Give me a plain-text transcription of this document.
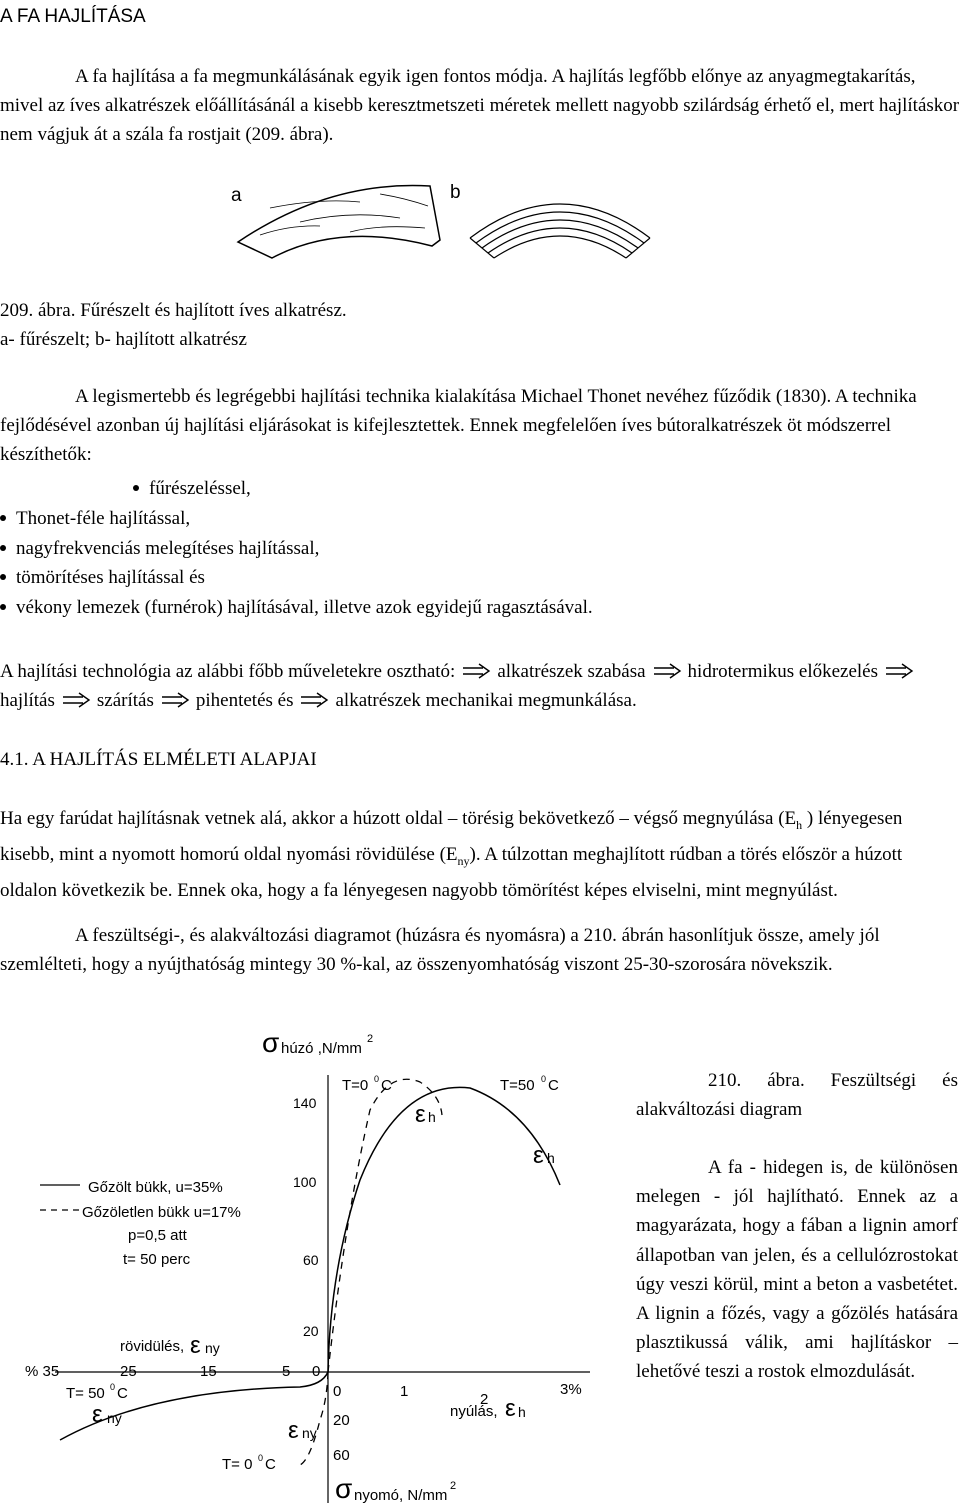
A FA HAJLÍTÁSA
A fa hajlítása a fa megmunkálásának egyik igen fontos módja. A hajlítás legfőbb előnye az anyagmegtakarítás, mivel az íves alkatrészek előállításánál a kisebb keresztmetszeti méretek mellett nagyobb szilárdság érhető el, mert hajlításkor nem vágjuk át a szála fa rostjait (209. ábra).
a	b
209. ábra. Fűrészelt és hajlított íves alkatrész.
a- fűrészelt; b- hajlított alkatrész
A legismertebb és legrégebbi hajlítási technika kialakítása Michael Thonet nevéhez fűződik (1830). A technika fejlődésével azonban új hajlítási eljárásokat is kifejlesztettek. Ennek megfelelően íves bútoralkatrészek öt módszerrel készíthetők:
fűrészeléssel,
Thonet-féle hajlítással,
nagyfrekvenciás melegítéses hajlítással,
tömörítéses hajlítással és
vékony lemezek (furnérok) hajlításával, illetve azok egyidejű ragasztásával.
A hajlítási technológia az alábbi főbb műveletekre osztható: alkatrészek szabása hidrotermikus előkezeléshajlítás szárítás pihentetés és alkatrészek mechanikai megmunkálása.
4.1. A HAJLÍTÁS ELMÉLETI ALAPJAI
Ha egy farúdat hajlításnak vetnek alá, akkor a húzott oldal – törésig bekövetkező – végső megnyúlása ($E_h$ ) lényegesen kisebb, mint a nyomott homorú oldal nyomási rövidülése $(E_{ny})$. A túlzottan meghajlított rúdban a törés először a húzott oldalon következik be. Ennek oka, hogy a fa lényegesen nagyobb tömörítést képes elviselni, mint megnyúlást.
A feszültségi-, és alakváltozási diagramot (húzásra és nyomásra) a 210. ábrán hasonlítjuk össze, amely jól szemlélteti, hogy a nyújthatóság mintegy 30 %-kal, az összenyomhatóság viszont 25-30-szorosára növekszik.
σ húzó ,N/mm
2
140
100
60
20
T=0 0 C	T=50 0 C
ε h
ε h
Gőzölt bükk, u=35%
Gőzöletlen bükk u=17%
p=0,5 att
t= 50 perc
rövidülés, ε ny
% 35	25	15	5 0
0	1	2
3%
nyúlás, ε h
20
60
T= 50 0 C
ε ny	ε ny
T= 0 0 C
σ nyomó, N/mm
2
210. ábra. Feszültségi és alakváltozási diagram
A fa - hidegen is, de különösen melegen - jól hajlítható. Ennek az a magyarázata, hogy a fában a lignin amorf állapotban van jelen, és a cellulózrostokat úgy veszi körül, mint a beton a vasbetétet. A lignin a főzés, vagy a gőzölés hatására plasztikussá válik, ami hajlításkor – lehetővé teszi a rostok elmozdulását.
